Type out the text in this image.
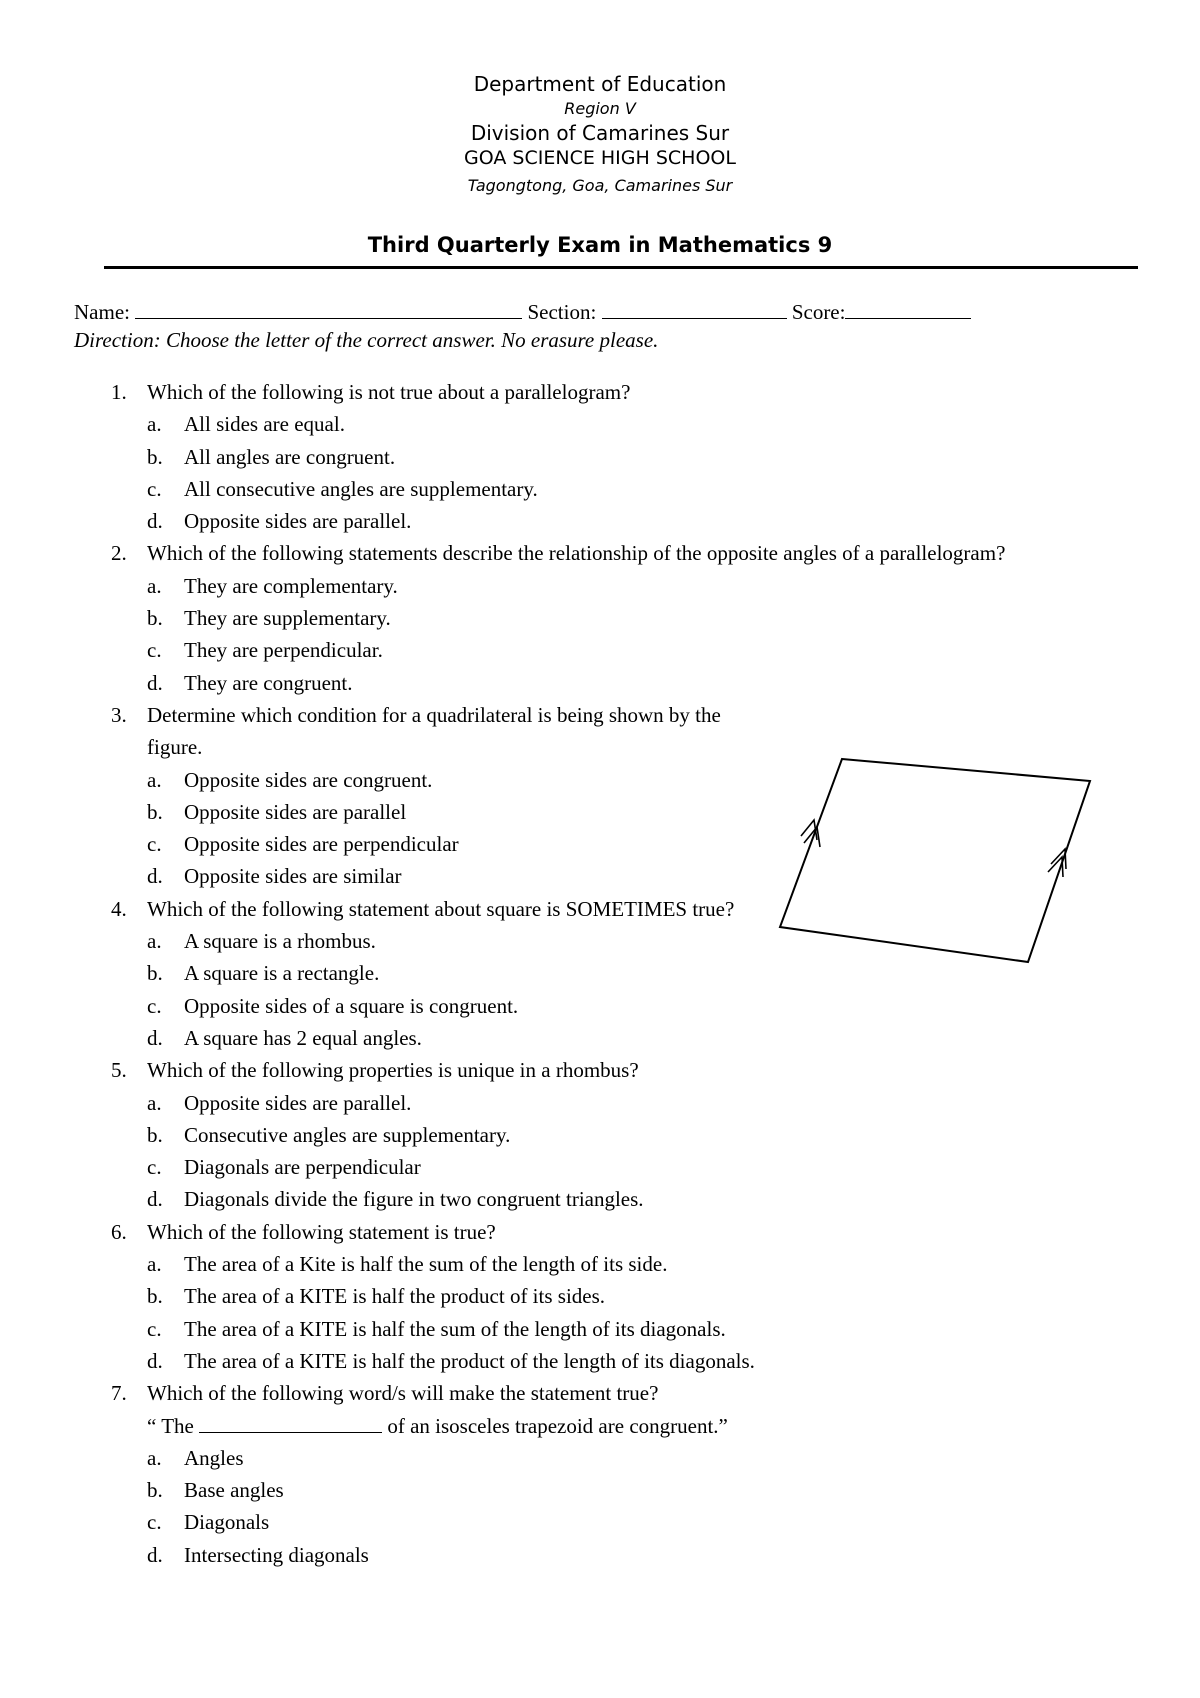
Department of Education
Region V
Division of Camarines Sur
GOA SCIENCE HIGH SCHOOL
Tagongtong, Goa, Camarines Sur
Third Quarterly Exam in Mathematics 9
Name:	Section:	Score:
Direction: Choose the letter of the correct answer. No erasure please.
1. Which of the following is not true about a parallelogram?
a. All sides are equal.
b. All angles are congruent.
c. All consecutive angles are supplementary.
d. Opposite sides are parallel.
2. Which of the following statements describe the relationship of the opposite angles of a parallelogram?
a. They are complementary.
b. They are supplementary.
c. They are perpendicular.
d. They are congruent.
3. Determine which condition for a quadrilateral is being shown by the figure.
a. Opposite sides are congruent.
b. Opposite sides are parallel
c. Opposite sides are perpendicular
d. Opposite sides are similar
4. Which of the following statement about square is SOMETIMES true?
a. A square is a rhombus.
b. A square is a rectangle.
c. Opposite sides of a square is congruent.
d. A square has 2 equal angles.
5. Which of the following properties is unique in a rhombus?
a. Opposite sides are parallel.
b. Consecutive angles are supplementary.
c. Diagonals are perpendicular
d. Diagonals divide the figure in two congruent triangles.
6. Which of the following statement is true?
a. The area of a Kite is half the sum of the length of its side.
b. The area of a KITE is half the product of its sides.
c. The area of a KITE is half the sum of the length of its diagonals.
d. The area of a KITE is half the product of the length of its diagonals.
7. Which of the following word/s will make the statement true?
“ The	of an isosceles trapezoid are congruent.”
a. Angles
b. Base angles
c. Diagonals
d. Intersecting diagonals
